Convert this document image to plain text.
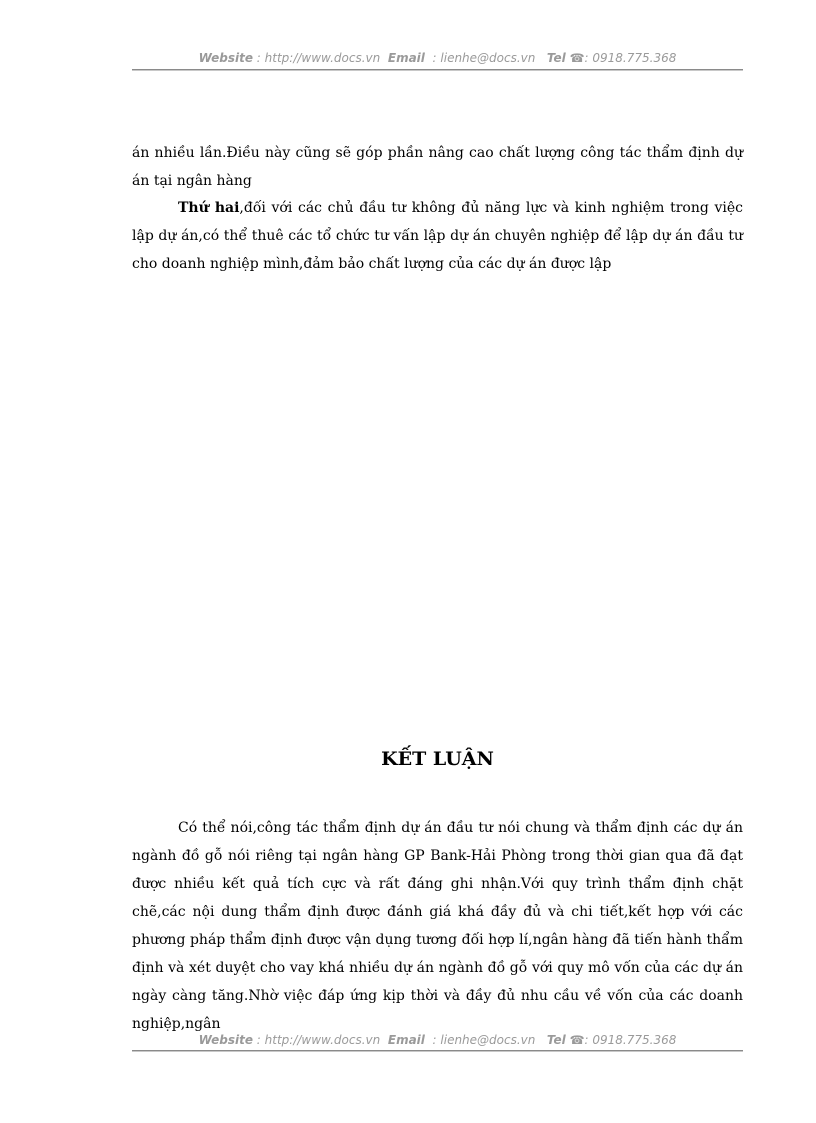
Website : http://www.docs.vn Email : lienhe@docs.vn Tel ☎: 0918.775.368
án nhiều lần.Điều này cũng sẽ góp phần nâng cao chất lượng công tác thẩm định dự án tại ngân hàng
Thứ hai,đối với các chủ đầu tư không đủ năng lực và kinh nghiệm trong việc lập dự án,có thể thuê các tổ chức tư vấn lập dự án chuyên nghiệp để lập dự án đầu tư cho doanh nghiệp mình,đảm bảo chất lượng của các dự án được lập
KẾT LUẬN
Có thể nói,công tác thẩm định dự án đầu tư nói chung và thẩm định các dự án ngành đồ gỗ nói riêng tại ngân hàng GP Bank-Hải Phòng trong thời gian qua đã đạt được nhiều kết quả tích cực và rất đáng ghi nhận.Với quy trình thẩm định chặt chẽ,các nội dung thẩm định được đánh giá khá đầy đủ và chi tiết,kết hợp với các phương pháp thẩm định được vận dụng tương đối hợp lí,ngân hàng đã tiến hành thẩm định và xét duyệt cho vay khá nhiều dự án ngành đồ gỗ với quy mô vốn của các dự án ngày càng tăng.Nhờ việc đáp ứng kịp thời và đầy đủ nhu cầu về vốn của các doanh nghiệp,ngân
Website : http://www.docs.vn Email : lienhe@docs.vn Tel ☎: 0918.775.368
